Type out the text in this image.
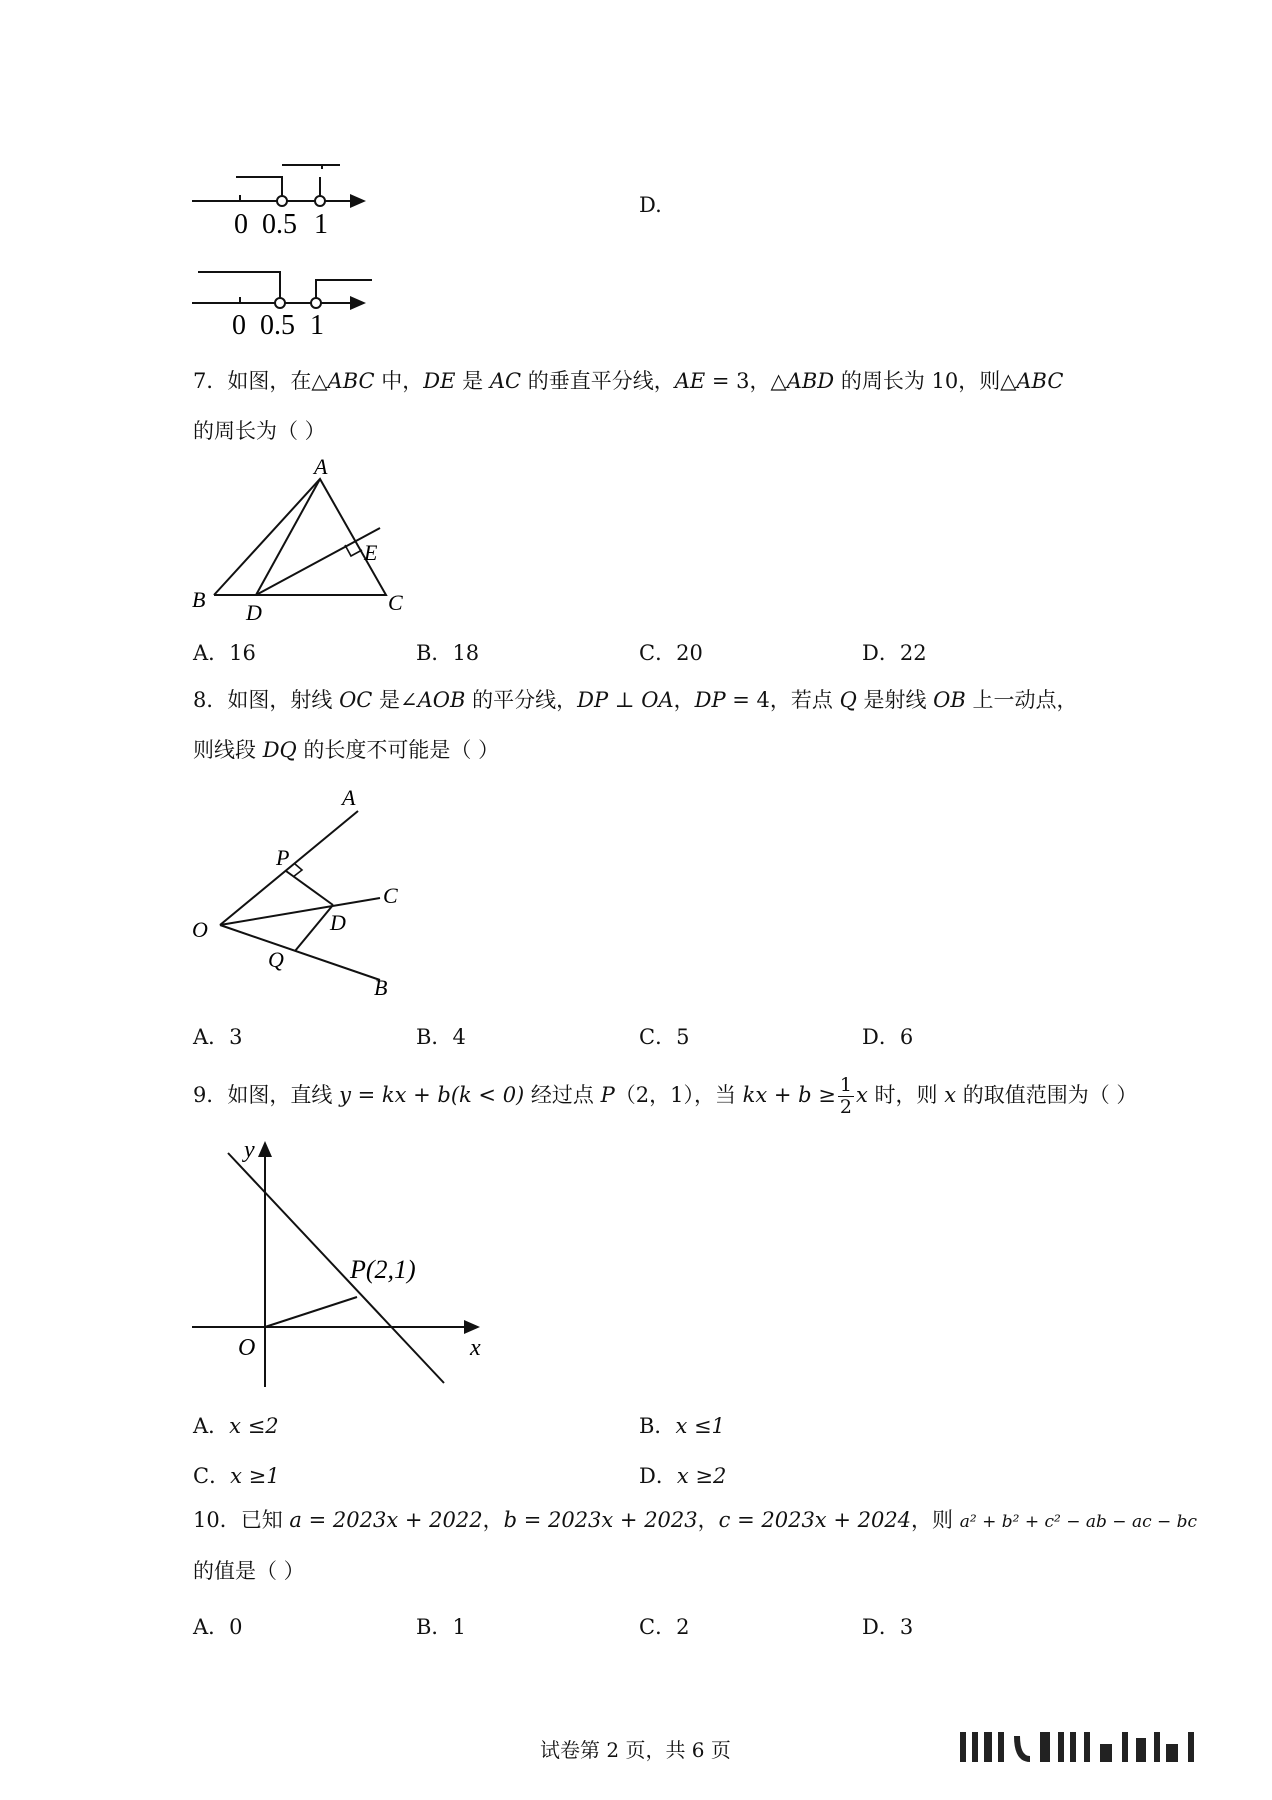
0 0.5 1
D.
0 0.5 1
7．如图，在△ABC 中，DE 是 AC 的垂直平分线，AE = 3，△ABD 的周长为 10，则△ABC
的周长为（ ）
A
B	C
D
E
A．16	B．18	C．20	D．22
8．如图，射线 OC 是∠AOB 的平分线，DP ⊥ OA，DP = 4，若点 Q 是射线 OB 上一动点，
则线段 DQ 的长度不可能是（ ）
A
P
C
O	D
Q
B
A．3	B．4	C．5	D．6
9．如图，直线 y = kx + b(k < 0) 经过点 P（2，1），当 kx + $b \ge \frac{1}{2}$ x 时，则 x 的取值范围为（ ）
y
x
O
P(2,1)
A．x ≤2	B．x ≤1
C．x ≥1	D．x ≥2
10．已知 a = 2023x + 2022，b = 2023x + 2023，c = 2023x + 2024，则 a² + b² + c² − ab − ac − bc
的值是（ ）
A．0	B．1	C．2	D．3
试卷第 2 页，共 6 页
